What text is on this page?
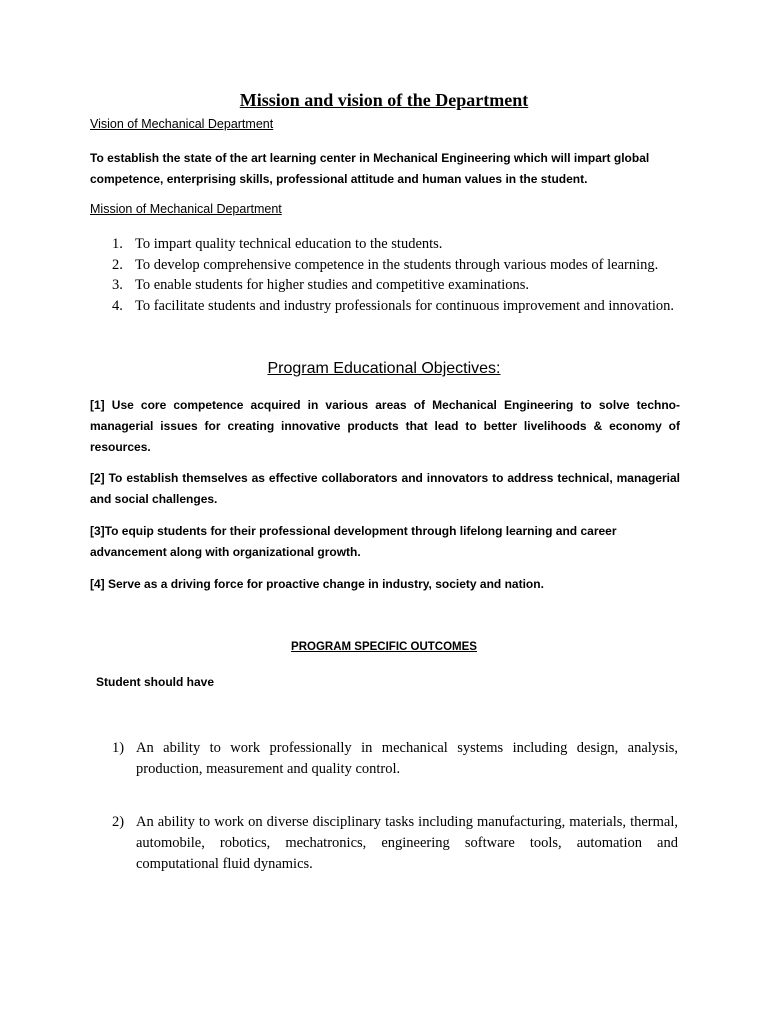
Mission and vision of the Department

Vision of Mechanical Department

To establish the state of the art learning center in Mechanical Engineering which will impart global competence, enterprising skills, professional attitude and human values in the student.

Mission of Mechanical Department

1. To impart quality technical education to the students.
2. To develop comprehensive competence in the students through various modes of learning.
3. To enable students for higher studies and competitive examinations.
4. To facilitate students and industry professionals for continuous improvement and innovation.
Program Educational Objectives:

[1] Use core competence acquired in various areas of Mechanical Engineering to solve techno-managerial issues for creating innovative products that lead to better livelihoods & economy of resources.

[2] To establish themselves as effective collaborators and innovators to address technical, managerial and social challenges.

[3]To equip students for their professional development through lifelong learning and career advancement along with organizational growth.

[4] Serve as a driving force for proactive change in industry, society and nation.

PROGRAM SPECIFIC OUTCOMES

Student should have

1) An ability to work professionally in mechanical systems including design, analysis, production, measurement and quality control.
2) An ability to work on diverse disciplinary tasks including manufacturing, materials, thermal, automobile, robotics, mechatronics, engineering software tools, automation and computational fluid dynamics.
